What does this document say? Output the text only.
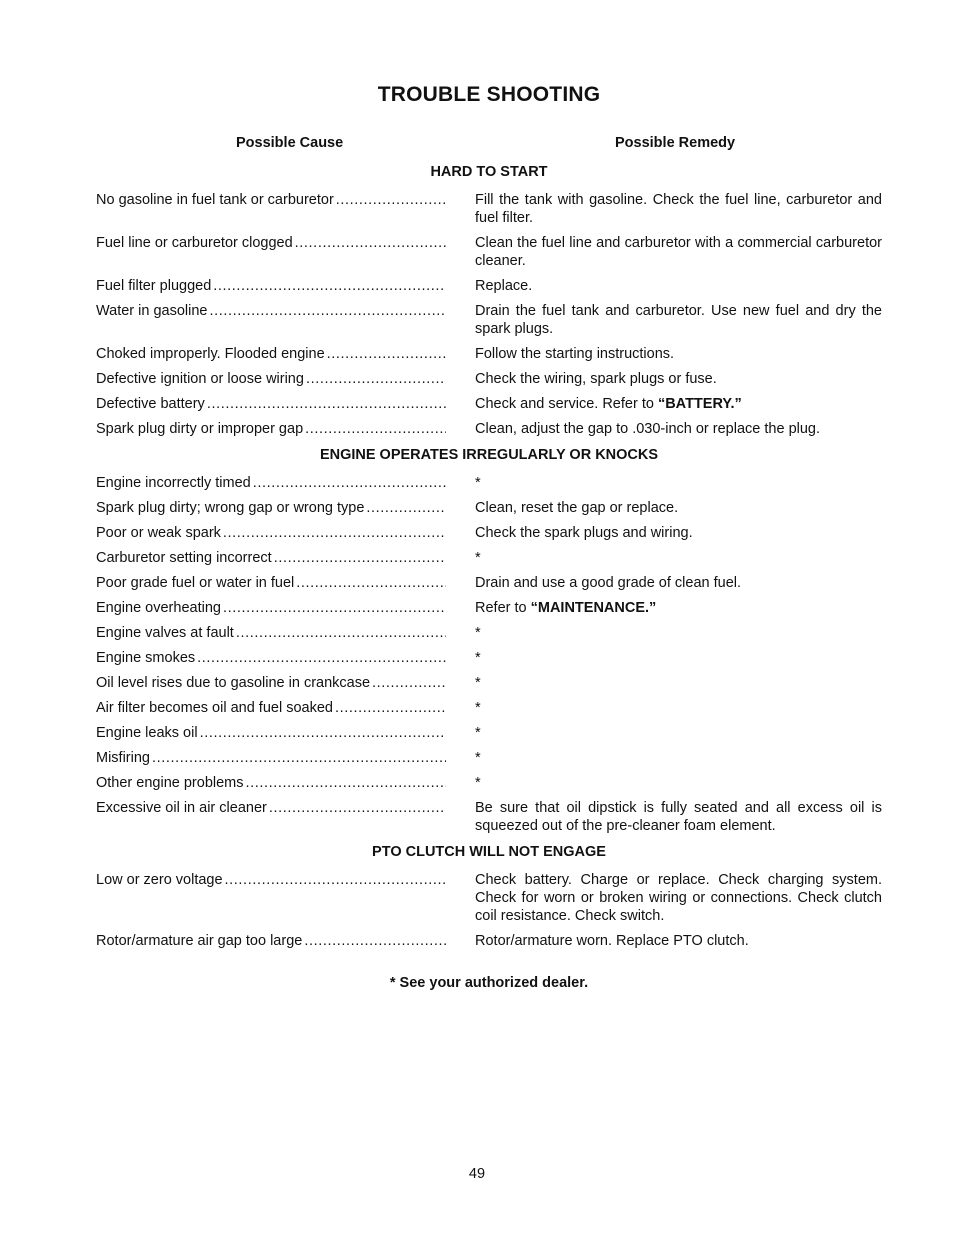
TROUBLE SHOOTING
Possible Cause	Possible Remedy
HARD TO START
No gasoline in fuel tank or carburetor .....	Fill the tank with gasoline. Check the fuel line, carburetor and fuel filter.
Fuel line or carburetor clogged .....	Clean the fuel line and carburetor with a commercial carburetor cleaner.
Fuel filter plugged .....	Replace.
Water in gasoline .....	Drain the fuel tank and carburetor. Use new fuel and dry the spark plugs.
Choked improperly. Flooded engine .....	Follow the starting instructions.
Defective ignition or loose wiring .....	Check the wiring, spark plugs or fuse.
Defective battery .....	Check and service. Refer to “BATTERY.”
Spark plug dirty or improper gap .....	Clean, adjust the gap to .030-inch or replace the plug.
ENGINE OPERATES IRREGULARLY OR KNOCKS
Engine incorrectly timed .....	*
Spark plug dirty; wrong gap or wrong type .....	Clean, reset the gap or replace.
Poor or weak spark .....	Check the spark plugs and wiring.
Carburetor setting incorrect .....	*
Poor grade fuel or water in fuel .....	Drain and use a good grade of clean fuel.
Engine overheating .....	Refer to “MAINTENANCE.”
Engine valves at fault .....	*
Engine smokes .....	*
Oil level rises due to gasoline in crankcase .....	*
Air filter becomes oil and fuel soaked .....	*
Engine leaks oil .....	*
Misfiring .....	*
Other engine problems .....	*
Excessive oil in air cleaner .....	Be sure that oil dipstick is fully seated and all excess oil is squeezed out of the pre-cleaner foam element.
PTO CLUTCH WILL NOT ENGAGE
Low or zero voltage .....	Check battery. Charge or replace. Check charging system. Check for worn or broken wiring or connections. Check clutch coil resistance. Check switch.
Rotor/armature air gap too large .....	Rotor/armature worn. Replace PTO clutch.
* See your authorized dealer.
49
